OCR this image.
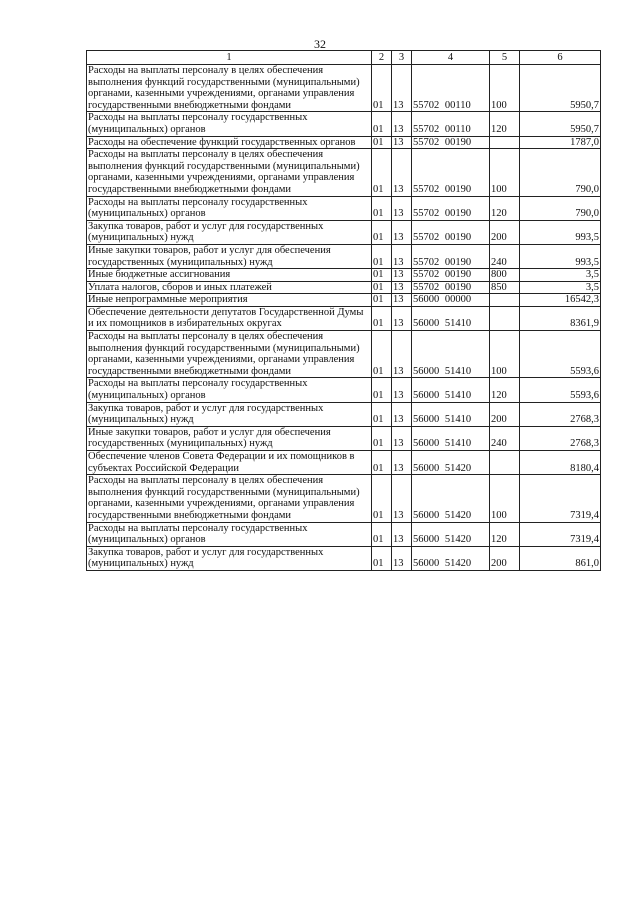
32
1	2	3	4	5	6
Расходы на выплаты персоналу в целях обеспечения выполнения функций государственными (муниципальными) органами, казенными учреждениями, органами управления государственными внебюджетными фондами	01	13	55702 00110	100	5950,7
Расходы на выплаты персоналу государственных (муниципальных) органов	01	13	55702 00110	120	5950,7
Расходы на обеспечение функций государственных органов	01	13	55702 00190		1787,0
Расходы на выплаты персоналу в целях обеспечения выполнения функций государственными (муниципальными) органами, казенными учреждениями, органами управления государственными внебюджетными фондами	01	13	55702 00190	100	790,0
Расходы на выплаты персоналу государственных (муниципальных) органов	01	13	55702 00190	120	790,0
Закупка товаров, работ и услуг для государственных (муниципальных) нужд	01	13	55702 00190	200	993,5
Иные закупки товаров, работ и услуг для обеспечения государственных (муниципальных) нужд	01	13	55702 00190	240	993,5
Иные бюджетные ассигнования	01	13	55702 00190	800	3,5
Уплата налогов, сборов и иных платежей	01	13	55702 00190	850	3,5
Иные непрограммные мероприятия	01	13	56000 00000		16542,3
Обеспечение деятельности депутатов Государственной Думы и их помощников в избирательных округах	01	13	56000 51410		8361,9
Расходы на выплаты персоналу в целях обеспечения выполнения функций государственными (муниципальными) органами, казенными учреждениями, органами управления государственными внебюджетными фондами	01	13	56000 51410	100	5593,6
Расходы на выплаты персоналу государственных (муниципальных) органов	01	13	56000 51410	120	5593,6
Закупка товаров, работ и услуг для государственных (муниципальных) нужд	01	13	56000 51410	200	2768,3
Иные закупки товаров, работ и услуг для обеспечения государственных (муниципальных) нужд	01	13	56000 51410	240	2768,3
Обеспечение членов Совета Федерации и их помощников в субъектах Российской Федерации	01	13	56000 51420		8180,4
Расходы на выплаты персоналу в целях обеспечения выполнения функций государственными (муниципальными) органами, казенными учреждениями, органами управления государственными внебюджетными фондами	01	13	56000 51420	100	7319,4
Расходы на выплаты персоналу государственных (муниципальных) органов	01	13	56000 51420	120	7319,4
Закупка товаров, работ и услуг для государственных (муниципальных) нужд	01	13	56000 51420	200	861,0
